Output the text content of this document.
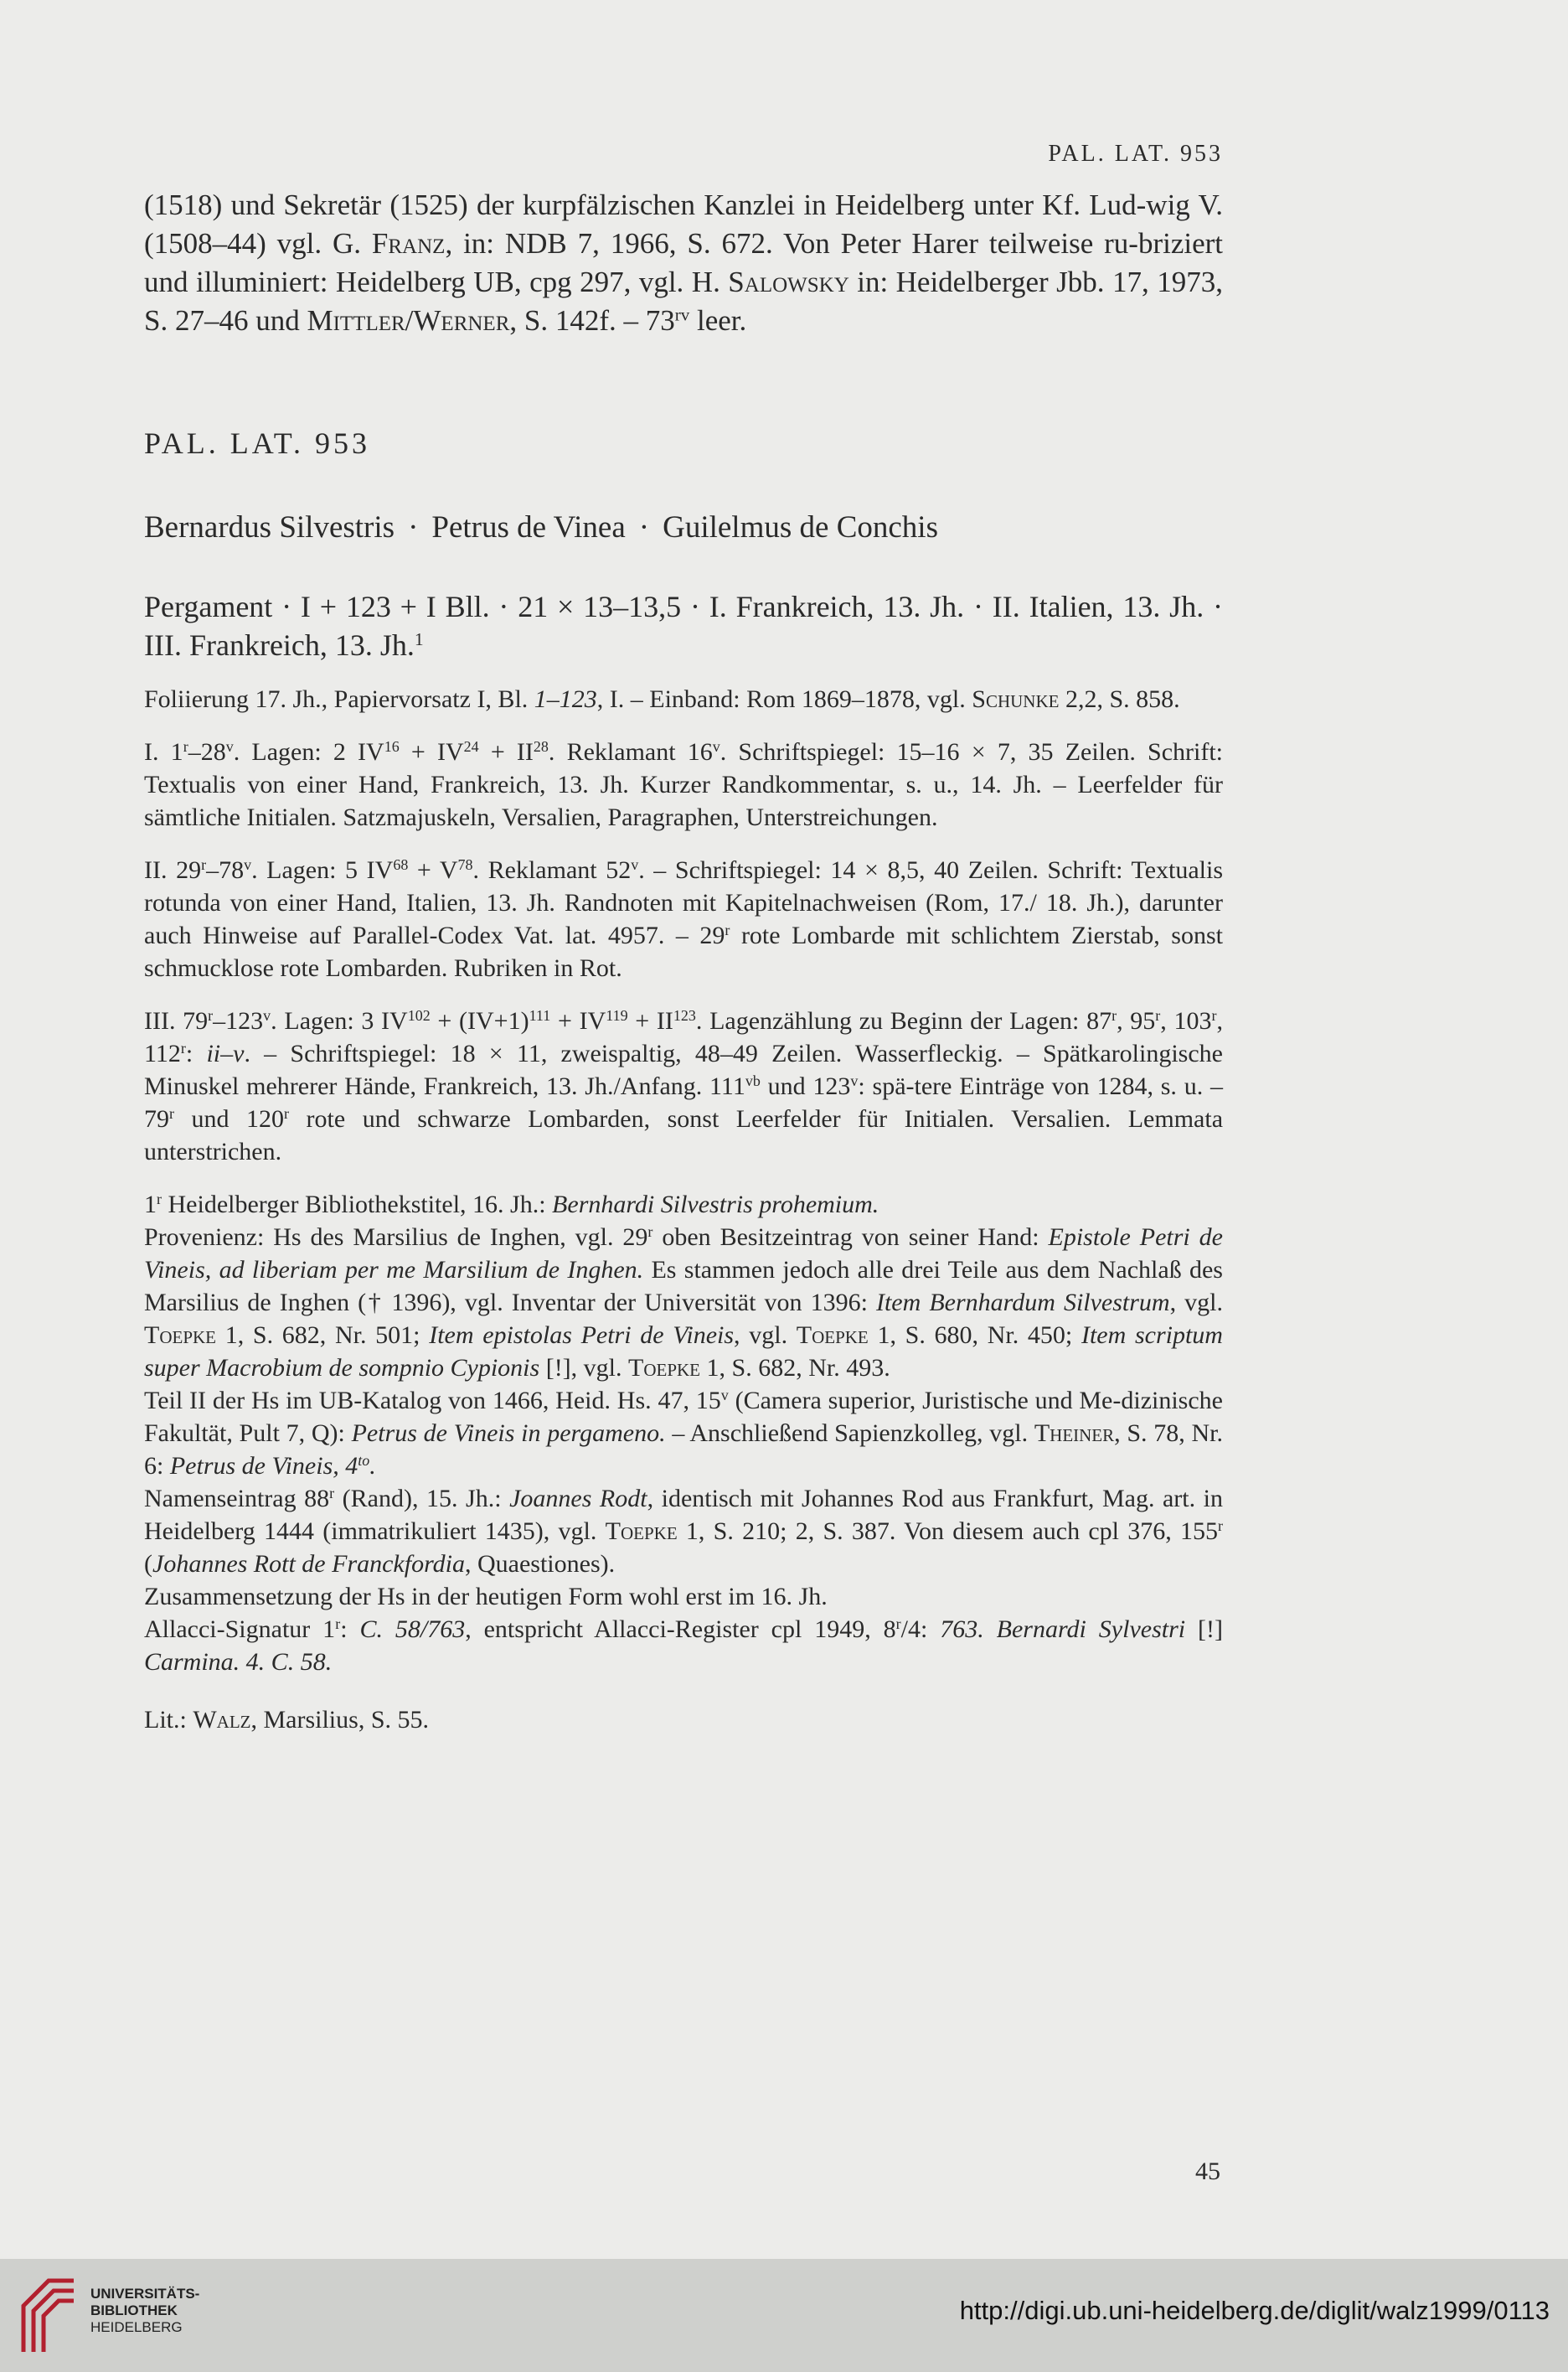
PAL. LAT. 953

(1518) und Sekretär (1525) der kurpfälzischen Kanzlei in Heidelberg unter Kf. Lud-wig V. (1508–44) vgl. G. Franz, in: NDB 7, 1966, S. 672. Von Peter Harer teilweise ru-briziert und illuminiert: Heidelberg UB, cpg 297, vgl. H. Salowsky in: Heidelberger Jbb. 17, 1973, S. 27–46 und Mittler/Werner, S. 142f. – $73^{rv}$ leer.

PAL. LAT. 953
Bernardus Silvestris · Petrus de Vinea · Guilelmus de Conchis

Pergament · I + 123 + I Bll. · 21 × 13–13,5 · I. Frankreich, 13. Jh. · II. Italien, 13. Jh. · III. Frankreich, 13. Jh.$^1$

Foliierung 17. Jh., Papiervorsatz I, Bl. 1–123, I. – Einband: Rom 1869–1878, vgl. Schunke 2,2, S. 858.

I. 1$^r$–28$^v$. Lagen: 2 $IV^{16} + IV^{24} + II^{28}$. Reklamant 16$^v$. Schriftspiegel: 15–16 × 7, 35 Zeilen. Schrift: Textualis von einer Hand, Frankreich, 13. Jh. Kurzer Randkommentar, s. u., 14. Jh. – Leerfelder für sämtliche Initialen. Satzmajuskeln, Versalien, Paragraphen, Unterstreichungen.

II. 29$^r$–78$^v$. Lagen: 5 $IV^{68} + V^{78}$. Reklamant 52$^v$. – Schriftspiegel: 14 × 8,5, 40 Zeilen. Schrift: Textualis rotunda von einer Hand, Italien, 13. Jh. Randnoten mit Kapitelnachweisen (Rom, 17./ 18. Jh.), darunter auch Hinweise auf Parallel-Codex Vat. lat. 4957. – 29$^r$ rote Lombarde mit schlichtem Zierstab, sonst schmucklose rote Lombarden. Rubriken in Rot.

III. 79$^r$–123$^v$. Lagen: 3 $IV^{102} + (IV+1)^{111} + IV^{119} + II^{123}$. Lagenzählung zu Beginn der Lagen: 87$^r$, 95$^r$, 103$^r$, 112$^r$: ii–v. – Schriftspiegel: 18 × 11, zweispaltig, 48–49 Zeilen. Wasserfleckig. – Spätkarolingische Minuskel mehrerer Hände, Frankreich, 13. Jh./Anfang. $111^{vb}$ und 123$^v$: spä-tere Einträge von 1284, s. u. – 79$^r$ und 120$^r$ rote und schwarze Lombarden, sonst Leerfelder für Initialen. Versalien. Lemmata unterstrichen.

1$^r$ Heidelberger Bibliothekstitel, 16. Jh.: Bernhardi Silvestris prohemium.

Provenienz: Hs des Marsilius de Inghen, vgl. 29$^r$ oben Besitzeintrag von seiner Hand: Epistole Petri de Vineis, ad liberiam per me Marsilium de Inghen. Es stammen jedoch alle drei Teile aus dem Nachlaß des Marsilius de Inghen († 1396), vgl. Inventar der Universität von 1396: Item Bernhardum Silvestrum, vgl. Toepke 1, S. 682, Nr. 501; Item epistolas Petri de Vineis, vgl. Toepke 1, S. 680, Nr. 450; Item scriptum super Macrobium de sompnio Cypionis [!], vgl. Toepke 1, S. 682, Nr. 493.

Teil II der Hs im UB-Katalog von 1466, Heid. Hs. 47, 15$^v$ (Camera superior, Juristische und Me-dizinische Fakultät, Pult 7, Q): Petrus de Vineis in pergameno. – Anschließend Sapienzkolleg, vgl. Theiner, S. 78, Nr. 6: Petrus de Vineis, $4^{to}$.

Namenseintrag 88$^r$ (Rand), 15. Jh.: Joannes Rodt, identisch mit Johannes Rod aus Frankfurt, Mag. art. in Heidelberg 1444 (immatrikuliert 1435), vgl. Toepke 1, S. 210; 2, S. 387. Von diesem auch cpl 376, 155$^r$ (Johannes Rott de Franckfordia, Quaestiones).

Zusammensetzung der Hs in der heutigen Form wohl erst im 16. Jh.

Allacci-Signatur 1$^r$: C. 58/763, entspricht Allacci-Register cpl 1949, 8$^r$/4: 763. Bernardi Sylvestri [!] Carmina. 4. C. 58.

Lit.: Walz, Marsilius, S. 55.

45
UNIVERSITÄTS-
BIBLIOTHEK
HEIDELBERG
http://digi.ub.uni-heidelberg.de/diglit/walz1999/0113
